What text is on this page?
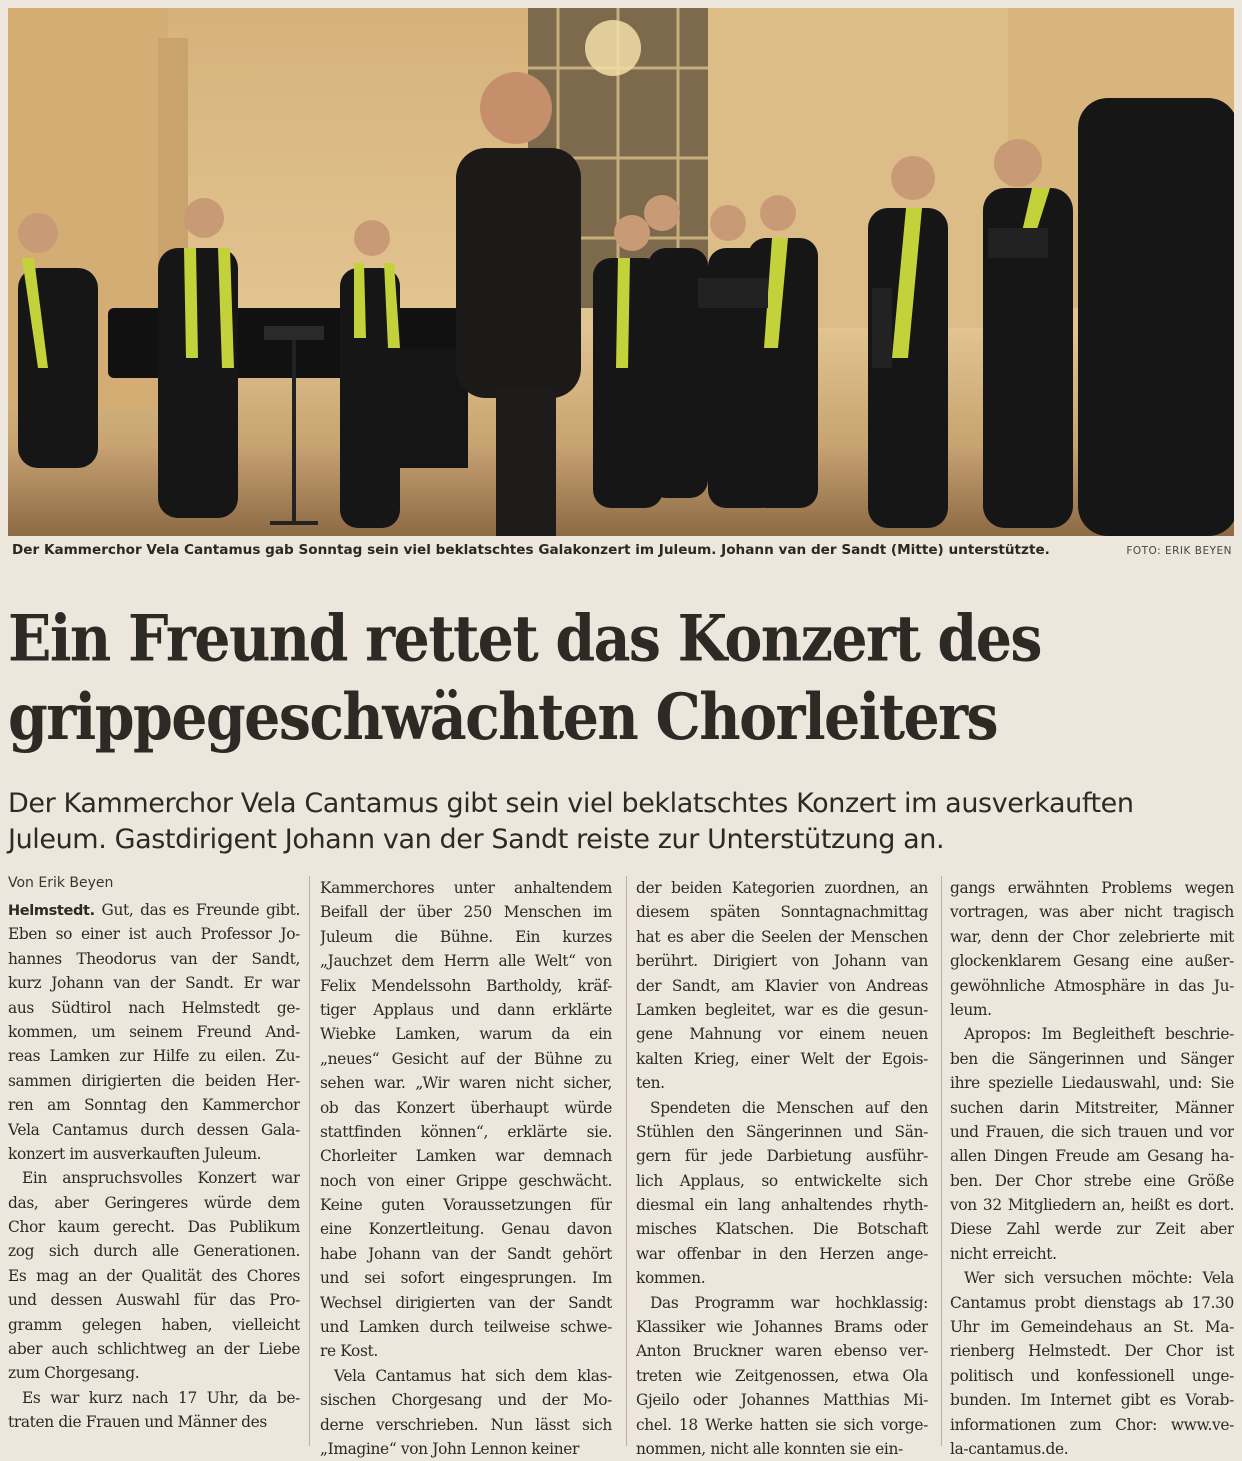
Der Kammerchor Vela Cantamus gab Sonntag sein viel beklatschtes Galakonzert im Juleum. Johann van der Sandt (Mitte) unterstützte.	FOTO: ERIK BEYEN
Ein Freund rettet das Konzert des
grippegeschwächten Chorleiters
Der Kammerchor Vela Cantamus gibt sein viel beklatschtes Konzert im ausverkauften
Juleum. Gastdirigent Johann van der Sandt reiste zur Unterstützung an.
Von Erik Beyen
Helmstedt. Gut, das es Freunde gibt.
Eben so einer ist auch Professor Jo-
hannes Theodorus van der Sandt,
kurz Johann van der Sandt. Er war
aus Südtirol nach Helmstedt ge-
kommen, um seinem Freund And-
reas Lamken zur Hilfe zu eilen. Zu-
sammen dirigierten die beiden Her-
ren am Sonntag den Kammerchor
Vela Cantamus durch dessen Gala-
konzert im ausverkauften Juleum.
Ein anspruchsvolles Konzert war
das, aber Geringeres würde dem
Chor kaum gerecht. Das Publikum
zog sich durch alle Generationen.
Es mag an der Qualität des Chores
und dessen Auswahl für das Pro-
gramm gelegen haben, vielleicht
aber auch schlichtweg an der Liebe
zum Chorgesang.
Es war kurz nach 17 Uhr, da be-
traten die Frauen und Männer des
Kammerchores unter anhaltendem
Beifall der über 250 Menschen im
Juleum die Bühne. Ein kurzes
„Jauchzet dem Herrn alle Welt“ von
Felix Mendelssohn Bartholdy, kräf-
tiger Applaus und dann erklärte
Wiebke Lamken, warum da ein
„neues“ Gesicht auf der Bühne zu
sehen war. „Wir waren nicht sicher,
ob das Konzert überhaupt würde
stattfinden können“, erklärte sie.
Chorleiter Lamken war demnach
noch von einer Grippe geschwächt.
Keine guten Voraussetzungen für
eine Konzertleitung. Genau davon
habe Johann van der Sandt gehört
und sei sofort eingesprungen. Im
Wechsel dirigierten van der Sandt
und Lamken durch teilweise schwe-
re Kost.
Vela Cantamus hat sich dem klas-
sischen Chorgesang und der Mo-
derne verschrieben. Nun lässt sich
„Imagine“ von John Lennon keiner
der beiden Kategorien zuordnen, an
diesem späten Sonntagnachmittag
hat es aber die Seelen der Menschen
berührt. Dirigiert von Johann van
der Sandt, am Klavier von Andreas
Lamken begleitet, war es die gesun-
gene Mahnung vor einem neuen
kalten Krieg, einer Welt der Egois-
ten.
Spendeten die Menschen auf den
Stühlen den Sängerinnen und Sän-
gern für jede Darbietung ausführ-
lich Applaus, so entwickelte sich
diesmal ein lang anhaltendes rhyth-
misches Klatschen. Die Botschaft
war offenbar in den Herzen ange-
kommen.
Das Programm war hochklassig:
Klassiker wie Johannes Brams oder
Anton Bruckner waren ebenso ver-
treten wie Zeitgenossen, etwa Ola
Gjeilo oder Johannes Matthias Mi-
chel. 18 Werke hatten sie sich vorge-
nommen, nicht alle konnten sie ein-
gangs erwähnten Problems wegen
vortragen, was aber nicht tragisch
war, denn der Chor zelebrierte mit
glockenklarem Gesang eine außer-
gewöhnliche Atmosphäre in das Ju-
leum.
Apropos: Im Begleitheft beschrie-
ben die Sängerinnen und Sänger
ihre spezielle Liedauswahl, und: Sie
suchen darin Mitstreiter, Männer
und Frauen, die sich trauen und vor
allen Dingen Freude am Gesang ha-
ben. Der Chor strebe eine Größe
von 32 Mitgliedern an, heißt es dort.
Diese Zahl werde zur Zeit aber
nicht erreicht.
Wer sich versuchen möchte: Vela
Cantamus probt dienstags ab 17.30
Uhr im Gemeindehaus an St. Ma-
rienberg Helmstedt. Der Chor ist
politisch und konfessionell unge-
bunden. Im Internet gibt es Vorab-
informationen zum Chor: www.ve-
la-cantamus.de.
